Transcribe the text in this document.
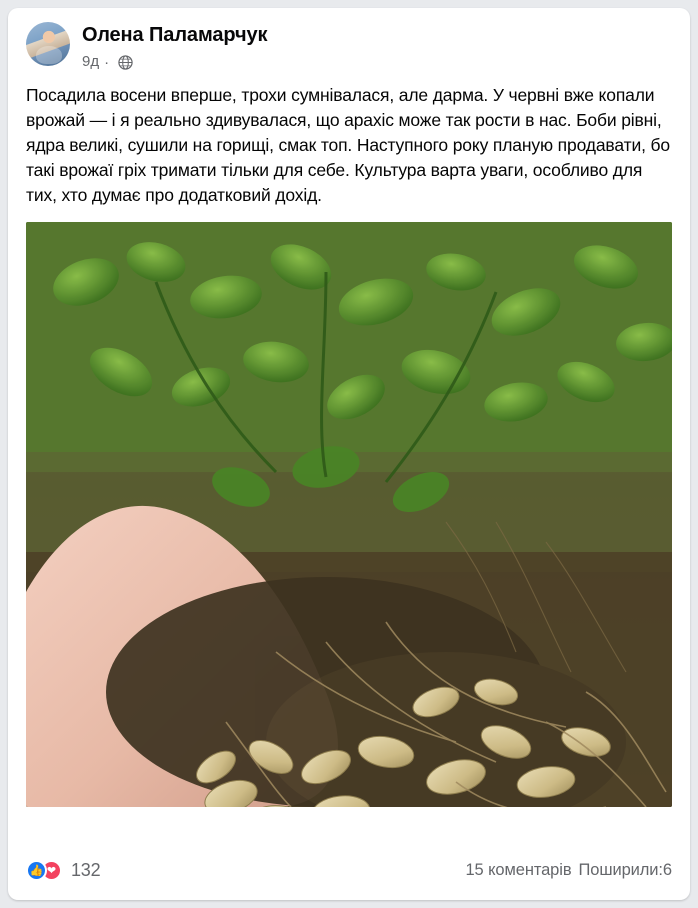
Олена Паламарчук
9д ·
Посадила восени вперше, трохи сумнівалася, але дарма. У червні вже копали врожай — і я реально здивувалася, що арахіс може так рости в нас. Боби рівні, ядра великі, сушили на горищі, смак топ. Наступного року планую продавати, бо такі врожаї гріх тримати тільки для себе. Культура варта уваги, особливо для тих, хто думає про додатковий дохід.
👍 ❤ 132	15 коментарів Поширили:6
